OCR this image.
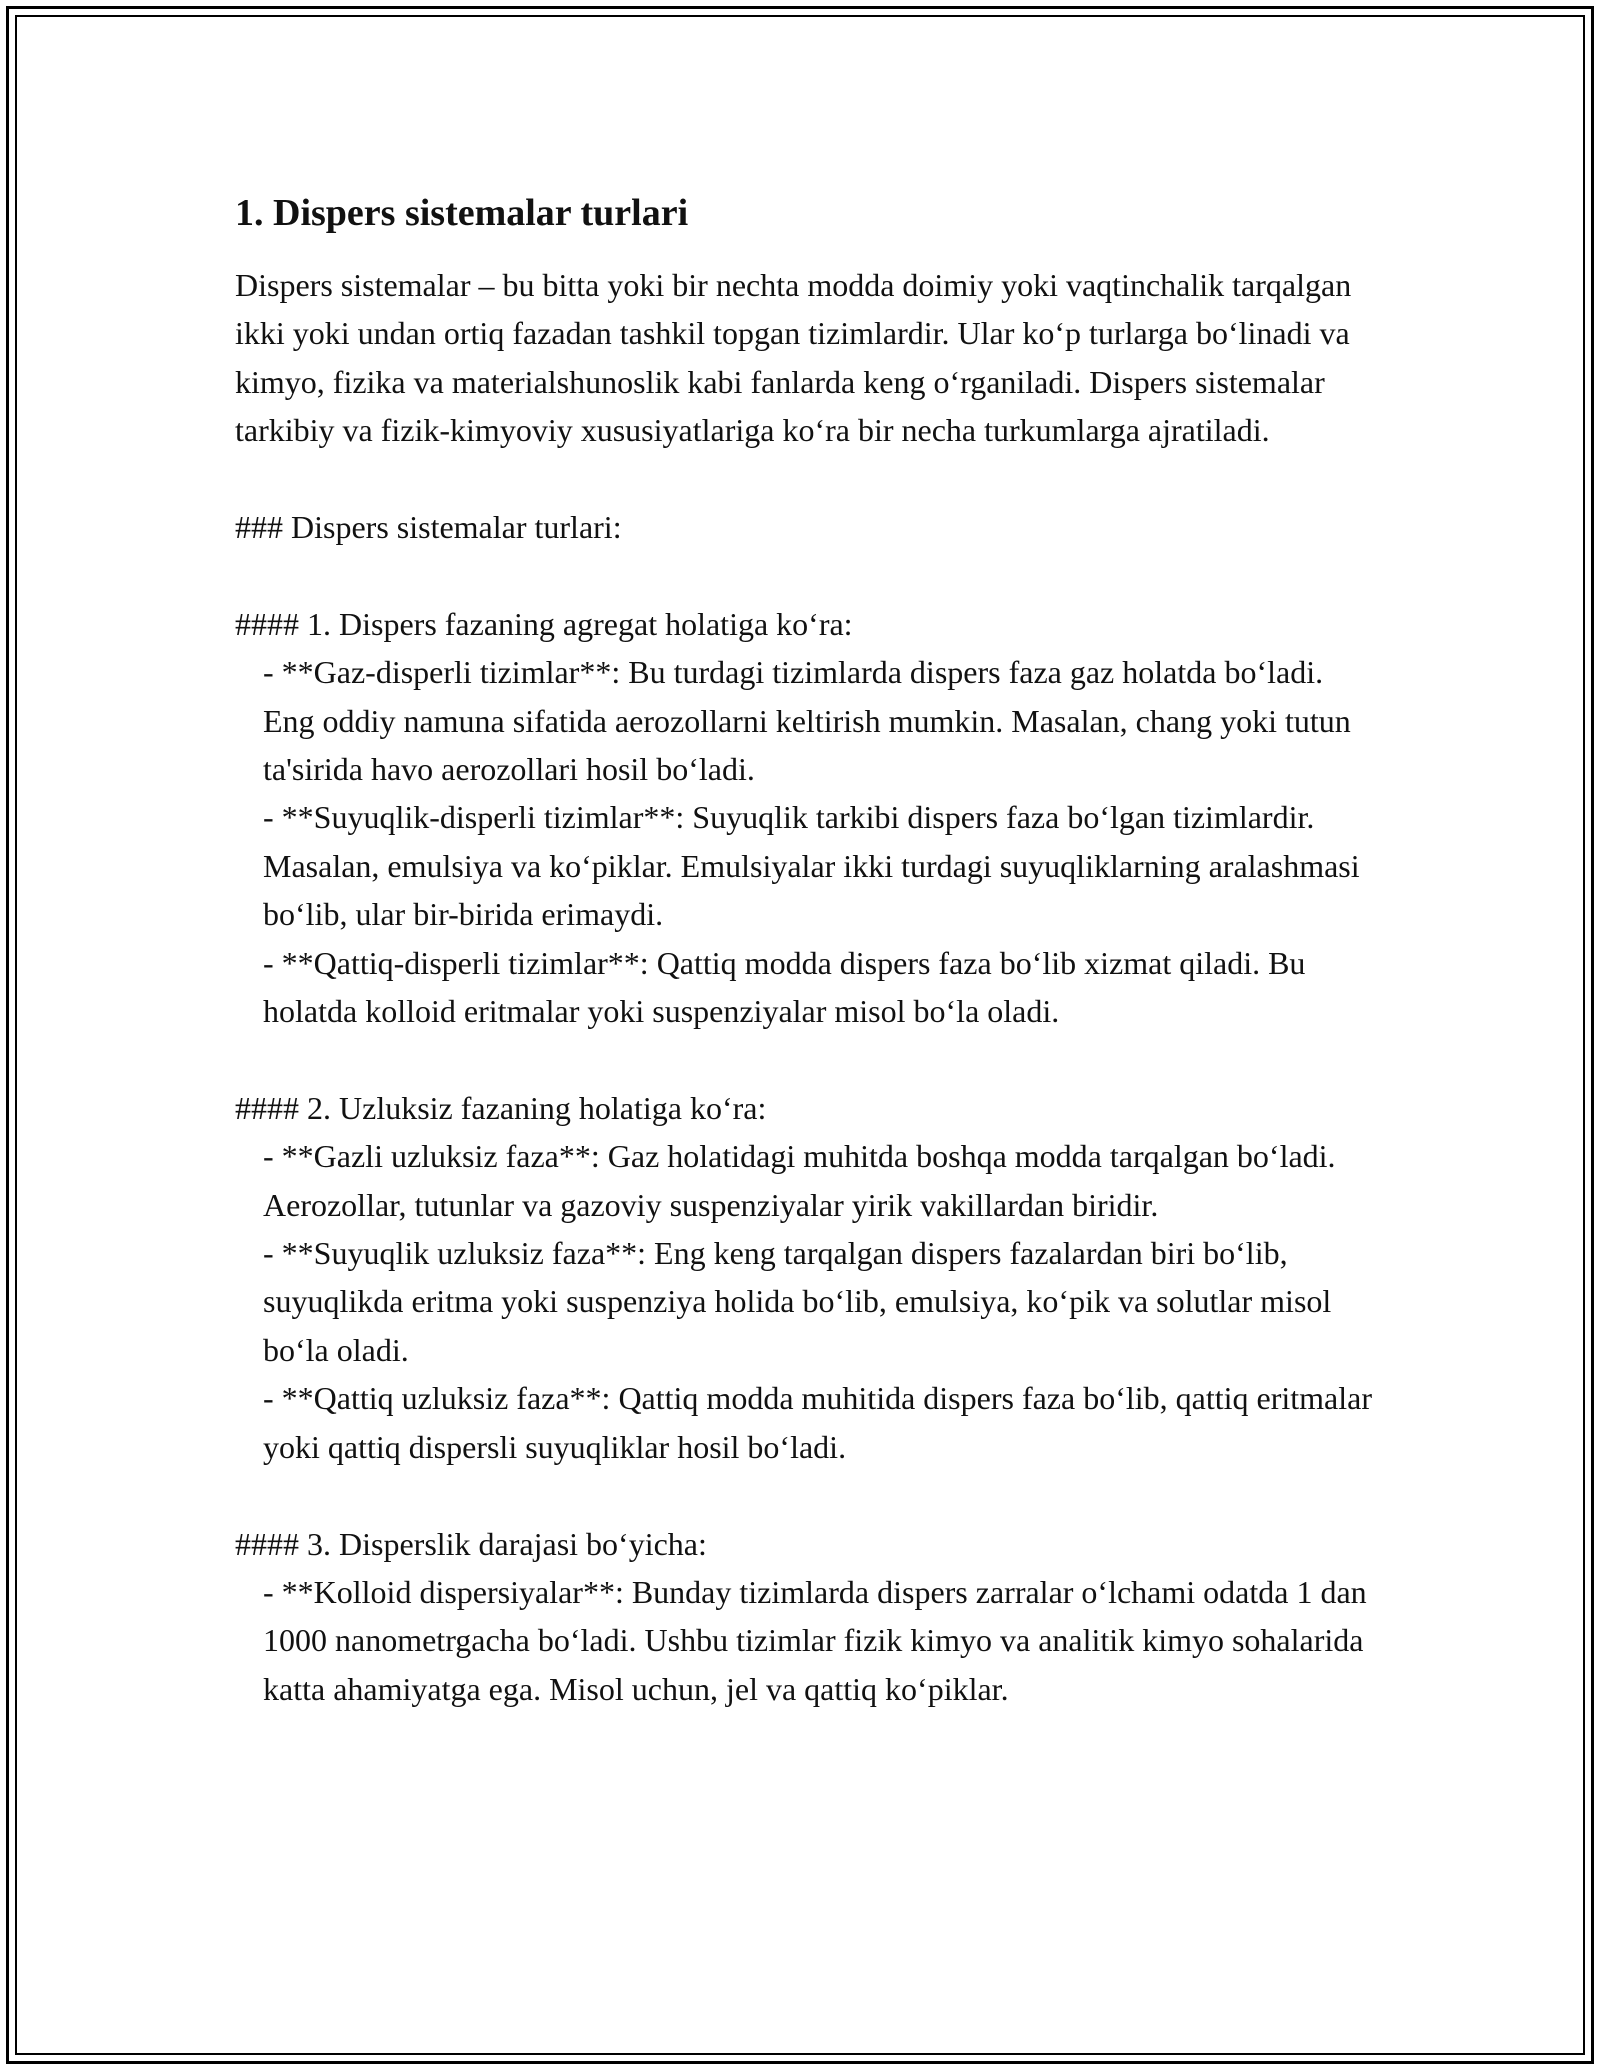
1. Dispers sistemalar turlari

Dispers sistemalar – bu bitta yoki bir nechta modda doimiy yoki vaqtinchalik tarqalgan ikki yoki undan ortiq fazadan tashkil topgan tizimlardir. Ular ko‘p turlarga bo‘linadi va kimyo, fizika va materialshunoslik kabi fanlarda keng o‘rganiladi. Dispers sistemalar tarkibiy va fizik-kimyoviy xususiyatlariga ko‘ra bir necha turkumlarga ajratiladi.

### Dispers sistemalar turlari:

#### 1. Dispers fazaning agregat holatiga ko‘ra:

- **Gaz-disperli tizimlar**: Bu turdagi tizimlarda dispers faza gaz holatda bo‘ladi. Eng oddiy namuna sifatida aerozollarni keltirish mumkin. Masalan, chang yoki tutun ta'sirida havo aerozollari hosil bo‘ladi.

- **Suyuqlik-disperli tizimlar**: Suyuqlik tarkibi dispers faza bo‘lgan tizimlardir. Masalan, emulsiya va ko‘piklar. Emulsiyalar ikki turdagi suyuqliklarning aralashmasi bo‘lib, ular bir-birida erimaydi.

- **Qattiq-disperli tizimlar**: Qattiq modda dispers faza bo‘lib xizmat qiladi. Bu holatda kolloid eritmalar yoki suspenziyalar misol bo‘la oladi.

#### 2. Uzluksiz fazaning holatiga ko‘ra:

- **Gazli uzluksiz faza**: Gaz holatidagi muhitda boshqa modda tarqalgan bo‘ladi. Aerozollar, tutunlar va gazoviy suspenziyalar yirik vakillardan biridir.

- **Suyuqlik uzluksiz faza**: Eng keng tarqalgan dispers fazalardan biri bo‘lib, suyuqlikda eritma yoki suspenziya holida bo‘lib, emulsiya, ko‘pik va solutlar misol bo‘la oladi.

- **Qattiq uzluksiz faza**: Qattiq modda muhitida dispers faza bo‘lib, qattiq eritmalar yoki qattiq dispersli suyuqliklar hosil bo‘ladi.

#### 3. Disperslik darajasi bo‘yicha:

- **Kolloid dispersiyalar**: Bunday tizimlarda dispers zarralar o‘lchami odatda 1 dan 1000 nanometrgacha bo‘ladi. Ushbu tizimlar fizik kimyo va analitik kimyo sohalarida katta ahamiyatga ega. Misol uchun, jel va qattiq ko‘piklar.
